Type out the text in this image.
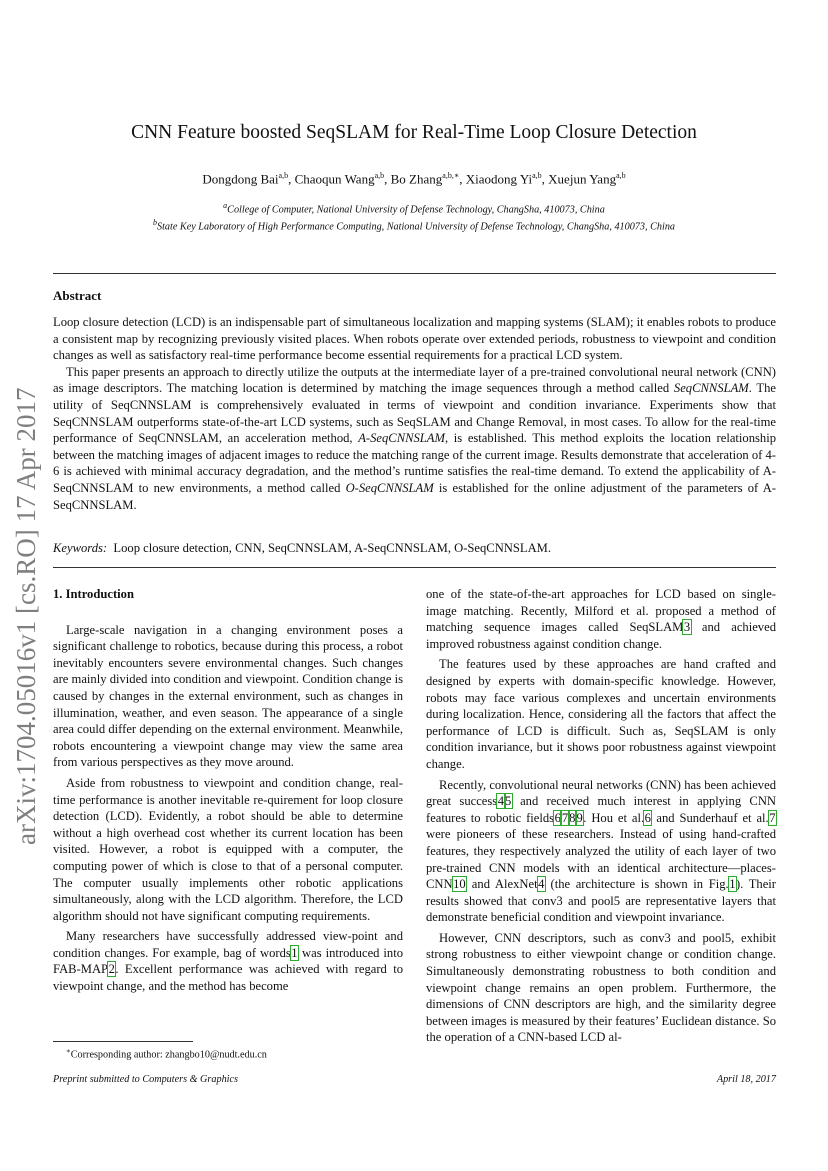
arXiv:1704.05016v1 [cs.RO] 17 Apr 2017
CNN Feature boosted SeqSLAM for Real-Time Loop Closure Detection
Dongdong Bai$^{a,b}$, Chaoqun Wang$^{a,b}$, Bo Zhang$^{a,b,∗}$, Xiaodong Yi$^{a,b}$, Xuejun Yang$^{a,b}$
$^a$College of Computer, National University of Defense Technology, ChangSha, 410073, China
$^b$State Key Laboratory of High Performance Computing, National University of Defense Technology, ChangSha, 410073, China
Abstract

Loop closure detection (LCD) is an indispensable part of simultaneous localization and mapping systems (SLAM); it enables robots to produce a consistent map by recognizing previously visited places. When robots operate over extended periods, robustness to viewpoint and condition changes as well as satisfactory real-time performance become essential requirements for a practical LCD system.

This paper presents an approach to directly utilize the outputs at the intermediate layer of a pre-trained convolutional neural network (CNN) as image descriptors. The matching location is determined by matching the image sequences through a method called SeqCNNSLAM. The utility of SeqCNNSLAM is comprehensively evaluated in terms of viewpoint and condition invariance. Experiments show that SeqCNNSLAM outperforms state-of-the-art LCD systems, such as SeqSLAM and Change Removal, in most cases. To allow for the real-time performance of SeqCNNSLAM, an acceleration method, A-SeqCNNSLAM, is established. This method exploits the location relationship between the matching images of adjacent images to reduce the matching range of the current image. Results demonstrate that acceleration of 4-6 is achieved with minimal accuracy degradation, and the method’s runtime satisfies the real-time demand. To extend the applicability of A-SeqCNNSLAM to new environments, a method called O-SeqCNNSLAM is established for the online adjustment of the parameters of A-SeqCNNSLAM.

Keywords: Loop closure detection, CNN, SeqCNNSLAM, A-SeqCNNSLAM, O-SeqCNNSLAM.

1. Introduction

Large-scale navigation in a changing environment poses a significant challenge to robotics, because during this process, a robot inevitably encounters severe environmental changes. Such changes are mainly divided into condition and viewpoint. Condition change is caused by changes in the external environment, such as changes in illumination, weather, and even season. The appearance of a single area could differ depending on the external environment. Meanwhile, robots encountering a viewpoint change may view the same area from various perspectives as they move around.

Aside from robustness to viewpoint and condition change, real-time performance is another inevitable re-quirement for loop closure detection (LCD). Evidently, a robot should be able to determine without a high overhead cost whether its current location has been visited. However, a robot is equipped with a computer, the computing power of which is close to that of a personal computer. The computer usually implements other robotic applications simultaneously, along with the LCD algorithm. Therefore, the LCD algorithm should not have significant computing requirements.

Many researchers have successfully addressed view-point and condition changes. For example, bag of words1 was introduced into FAB-MAP2. Excellent performance was achieved with regard to viewpoint change, and the method has become

one of the state-of-the-art approaches for LCD based on single-image matching. Recently, Milford et al. proposed a method of matching sequence images called SeqSLAM3 and achieved improved robustness against condition change.

The features used by these approaches are hand crafted and designed by experts with domain-specific knowledge. However, robots may face various complexes and uncertain environments during localization. Hence, considering all the factors that affect the performance of LCD is difficult. Such as, SeqSLAM is only condition invariance, but it shows poor robustness against viewpoint change.

Recently, convolutional neural networks (CNN) has been achieved great success45 and received much interest in applying CNN features to robotic fields6789. Hou et al.6 and Sunderhauf et al.7 were pioneers of these researchers. Instead of using hand-crafted features, they respectively analyzed the utility of each layer of two pre-trained CNN models with an identical architecture—places-CNN10 and AlexNet4 (the architecture is shown in Fig.1). Their results showed that conv3 and pool5 are representative layers that demonstrate beneficial condition and viewpoint invariance.

However, CNN descriptors, such as conv3 and pool5, exhibit strong robustness to either viewpoint change or condition change. Simultaneously demonstrating robustness to both condition and viewpoint change remains an open problem. Furthermore, the dimensions of CNN descriptors are high, and the similarity degree between images is measured by their features’ Euclidean distance. So the operation of a CNN-based LCD al-

∗Corresponding author: zhangbo10@nudt.edu.cn
Preprint submitted to Computers & Graphics	April 18, 2017
